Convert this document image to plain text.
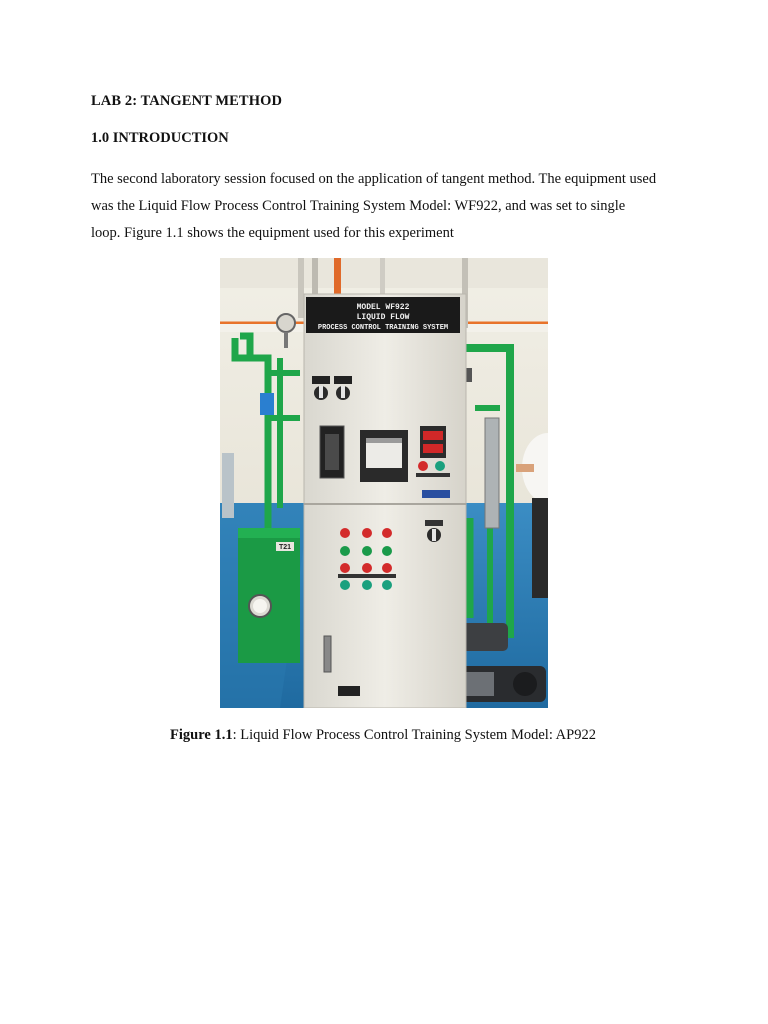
LAB 2: TANGENT METHOD
1.0 INTRODUCTION
The second laboratory session focused on the application of tangent method. The equipment used
was the Liquid Flow Process Control Training System Model: WF922, and was set to single
loop. Figure 1.1 shows the equipment used for this experiment
T21
MODEL WF922
LIQUID FLOW
PROCESS CONTROL TRAINING SYSTEM
Figure 1.1: Liquid Flow Process Control Training System Model: AP922
